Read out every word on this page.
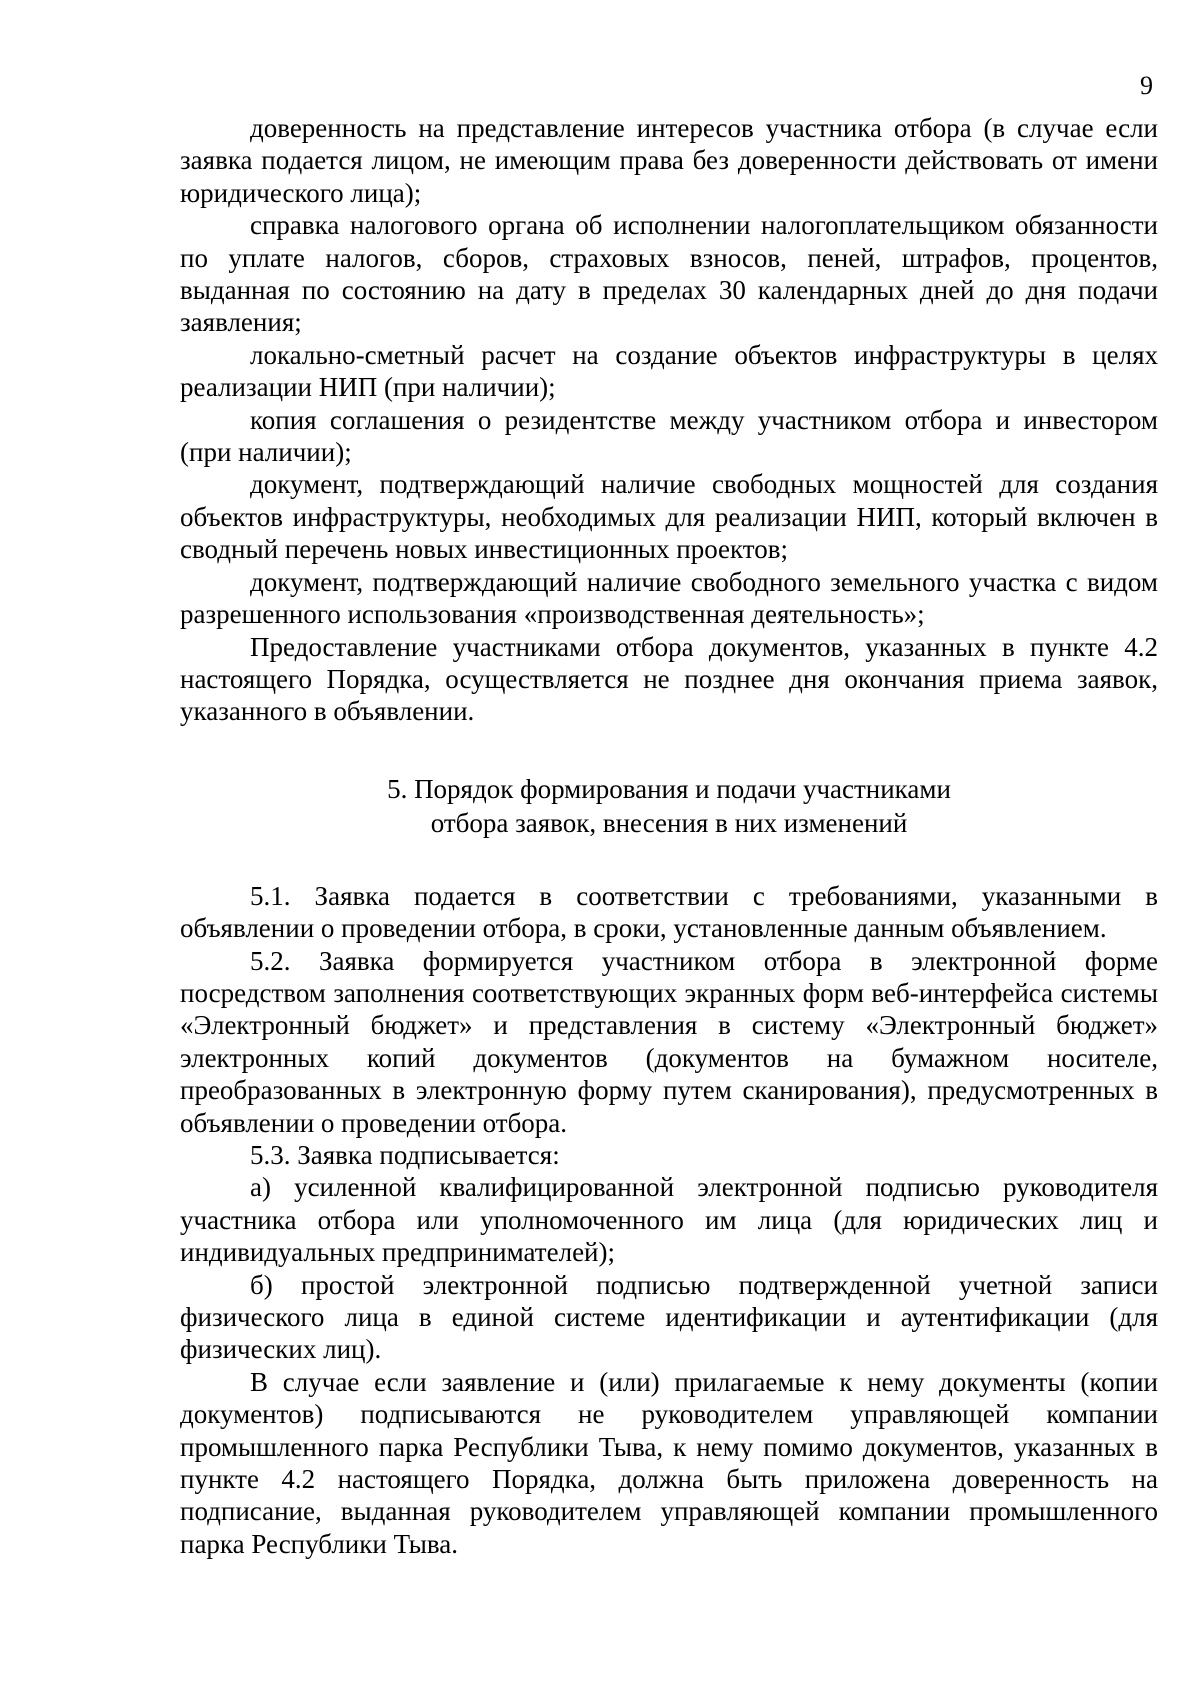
9

доверенность на представление интересов участника отбора (в случае если заявка подается лицом, не имеющим права без доверенности действовать от имени юридического лица);

справка налогового органа об исполнении налогоплательщиком обязанности по уплате налогов, сборов, страховых взносов, пеней, штрафов, процентов, выданная по состоянию на дату в пределах 30 календарных дней до дня подачи заявления;

локально-сметный расчет на создание объектов инфраструктуры в целях реализации НИП (при наличии);

копия соглашения о резидентстве между участником отбора и инвестором (при наличии);

документ, подтверждающий наличие свободных мощностей для создания объектов инфраструктуры, необходимых для реализации НИП, который включен в сводный перечень новых инвестиционных проектов;

документ, подтверждающий наличие свободного земельного участка с видом разрешенного использования «производственная деятельность»;

Предоставление участниками отбора документов, указанных в пункте 4.2 настоящего Порядка, осуществляется не позднее дня окончания приема заявок, указанного в объявлении.

5. Порядок формирования и подачи участниками
отбора заявок, внесения в них изменений

5.1. Заявка подается в соответствии с требованиями, указанными в объявлении о проведении отбора, в сроки, установленные данным объявлением.

5.2. Заявка формируется участником отбора в электронной форме посредством заполнения соответствующих экранных форм веб-интерфейса системы «Электронный бюджет» и представления в систему «Электронный бюджет» электронных копий документов (документов на бумажном носителе, преобразованных в электронную форму путем сканирования), предусмотренных в объявлении о проведении отбора.

5.3. Заявка подписывается:

а) усиленной квалифицированной электронной подписью руководителя участника отбора или уполномоченного им лица (для юридических лиц и индивидуальных предпринимателей);

б) простой электронной подписью подтвержденной учетной записи физического лица в единой системе идентификации и аутентификации (для физических лиц).

В случае если заявление и (или) прилагаемые к нему документы (копии документов) подписываются не руководителем управляющей компании промышленного парка Республики Тыва, к нему помимо документов, указанных в пункте 4.2 настоящего Порядка, должна быть приложена доверенность на подписание, выданная руководителем управляющей компании промышленного парка Республики Тыва.
